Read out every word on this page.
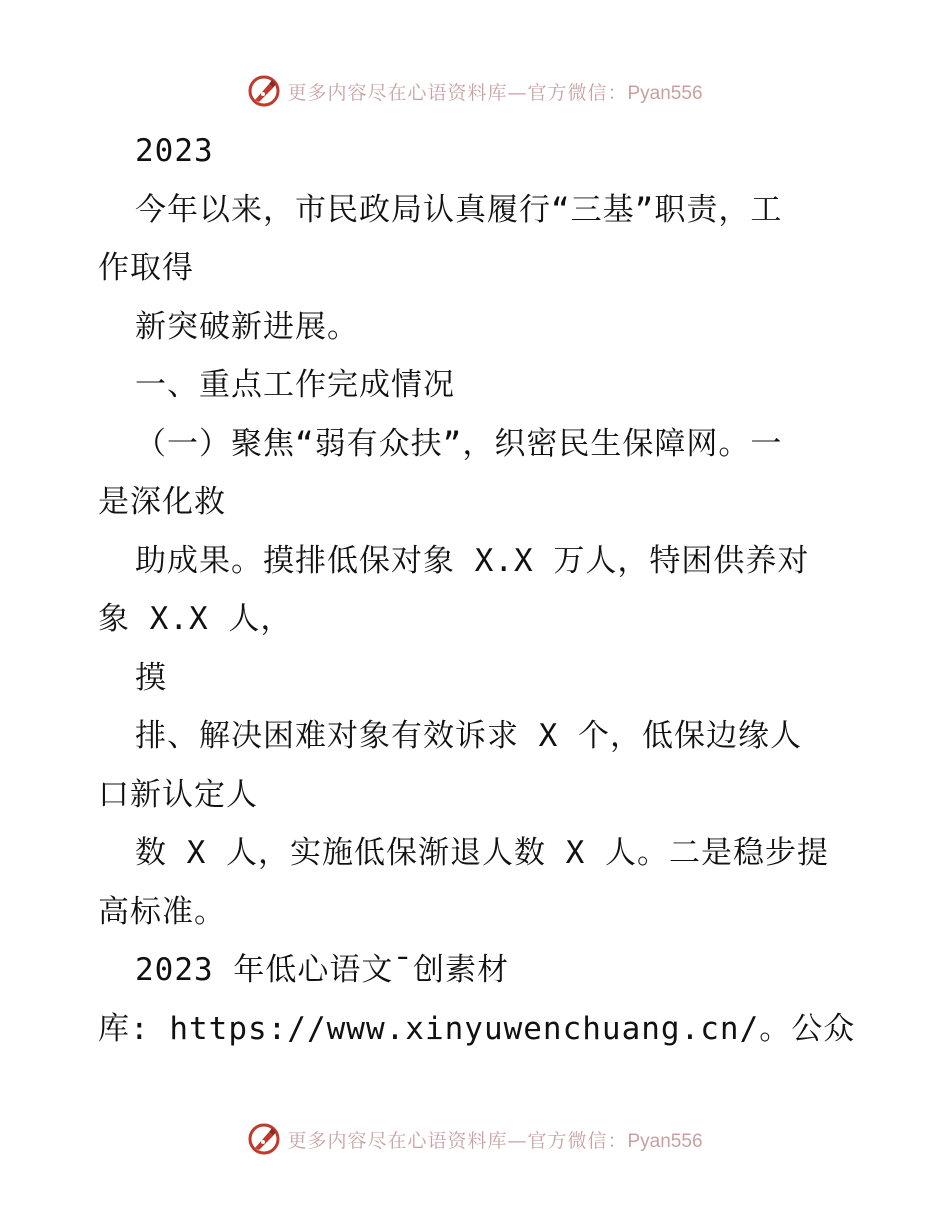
更多内容尽在心语资料库—官方微信：Pyan556
2023
今年以来，市民政局认真履行“三基”职责，工
作取得
新突破新进展。
一、重点工作完成情况
（一）聚焦“弱有众扶”，织密民生保障网。一
是深化救
助成果。摸排低保对象 X.X 万人，特困供养对
象 X.X 人，
摸
排、解决困难对象有效诉求 X 个，低保边缘人
口新认定人
数 X 人，实施低保渐退人数 X 人。二是稳步提
高标准。
2023 年低心语文¯创素材
库: https://www.xinyuwenchuang.cn/。公众
更多内容尽在心语资料库—官方微信：Pyan556
